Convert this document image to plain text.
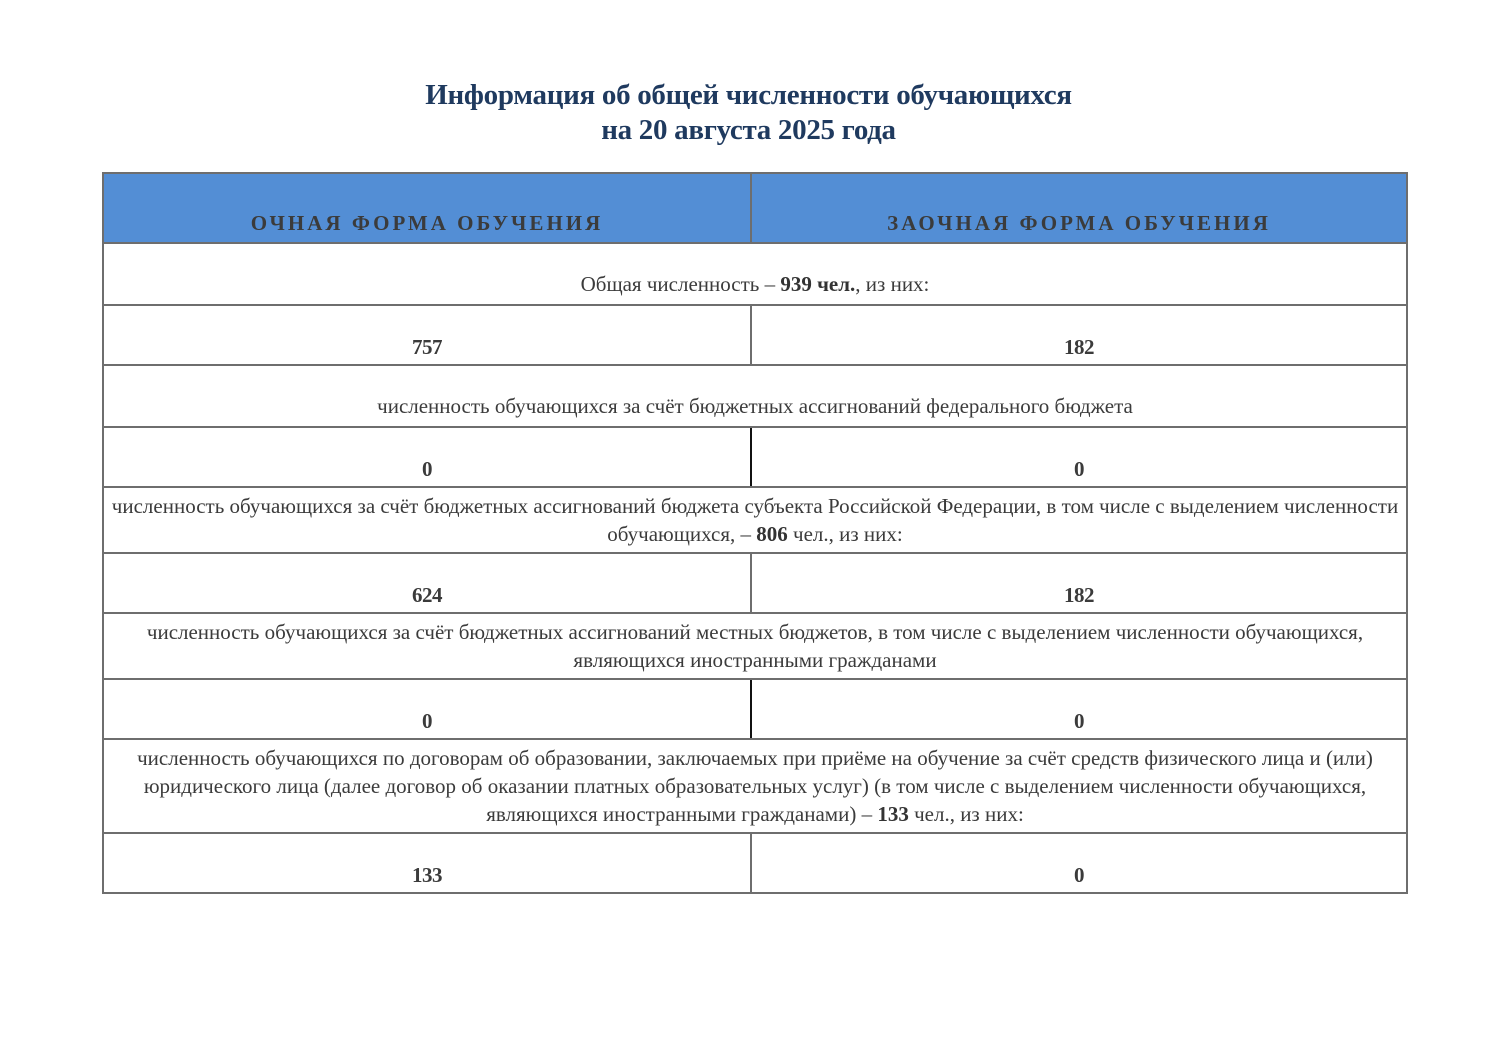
Информация об общей численности обучающихся
на 20 августа 2025 года
ОЧНАЯ ФОРМА ОБУЧЕНИЯ	ЗАОЧНАЯ ФОРМА ОБУЧЕНИЯ
Общая численность – 939 чел., из них:	
757	182
численность обучающихся за счёт бюджетных ассигнований федерального бюджета	
0	0
численность обучающихся за счёт бюджетных ассигнований бюджета субъекта Российской Федерации, в том числе с выделением численности обучающихся, – 806 чел., из них:	
624	182
численность обучающихся за счёт бюджетных ассигнований местных бюджетов, в том числе с выделением численности обучающихся, являющихся иностранными гражданами	
0	0
численность обучающихся по договорам об образовании, заключаемых при приёме на обучение за счёт средств физического лица и (или) юридического лица (далее договор об оказании платных образовательных услуг) (в том числе с выделением численности обучающихся, являющихся иностранными гражданами) – 133 чел., из них:	
133	0
